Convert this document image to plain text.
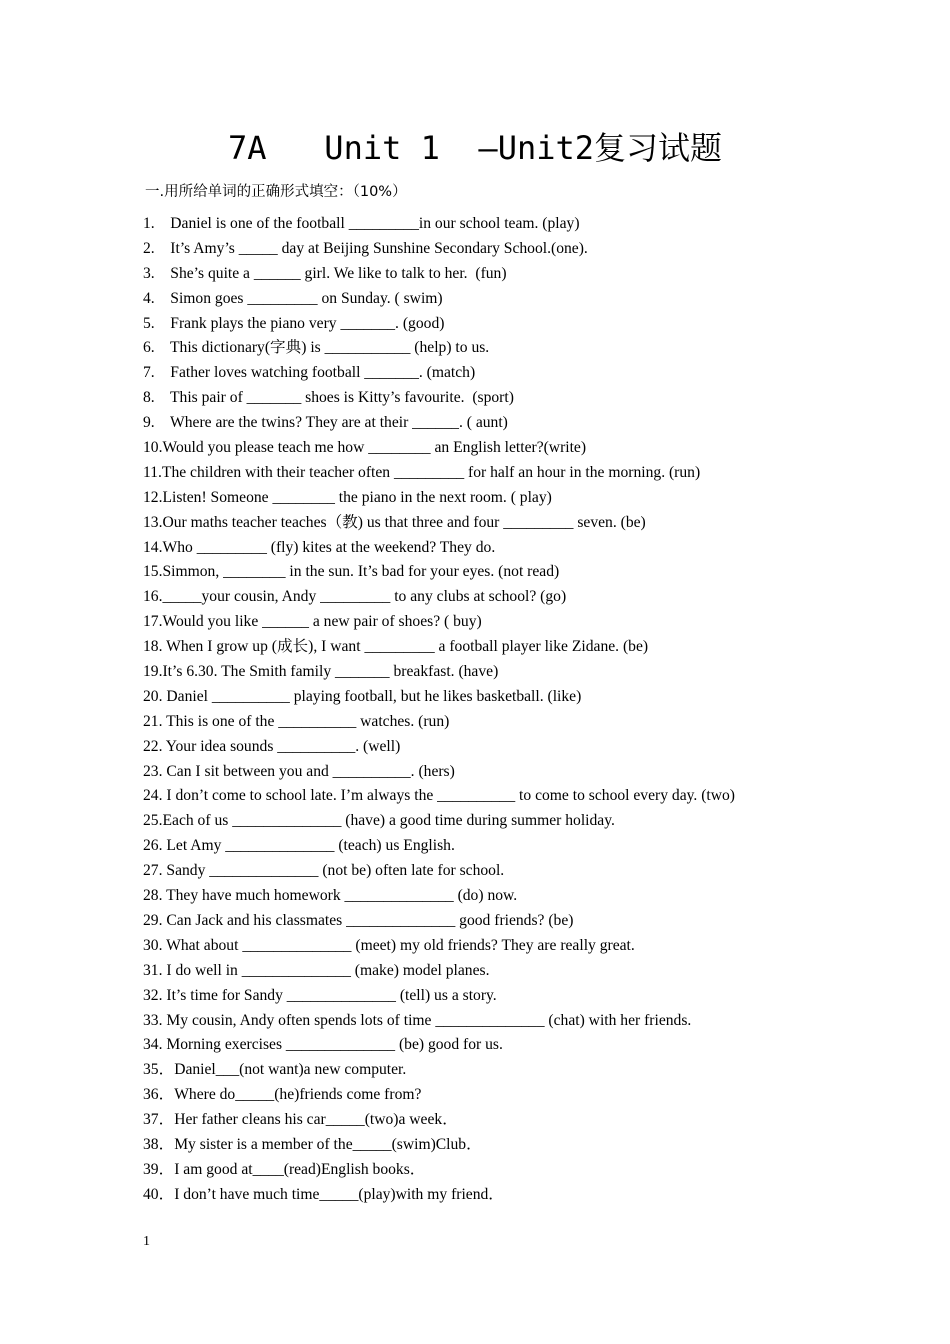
7A   Unit 1  –Unit2复习试题
一.用所给单词的正确形式填空：（10%）
1.    Daniel is one of the football _________in our school team. (play)
2.    It’s Amy’s _____ day at Beijing Sunshine Secondary School.(one).
3.    She’s quite a ______ girl. We like to talk to her.  (fun)
4.    Simon goes _________ on Sunday. ( swim)
5.    Frank plays the piano very _______. (good)
6.    This dictionary(字典) is ___________ (help) to us.
7.    Father loves watching football _______. (match)
8.    This pair of _______ shoes is Kitty’s favourite.  (sport)
9.    Where are the twins? They are at their ______. ( aunt)
10.Would you please teach me how ________ an English letter?(write)
11.The children with their teacher often _________ for half an hour in the morning. (run)
12.Listen! Someone ________ the piano in the next room. ( play)
13.Our maths teacher teaches（教) us that three and four _________ seven. (be)
14.Who _________ (fly) kites at the weekend? They do.
15.Simmon, ________ in the sun. It’s bad for your eyes. (not read)
16._____your cousin, Andy _________ to any clubs at school? (go)
17.Would you like ______ a new pair of shoes? ( buy)
18. When I grow up (成长), I want _________ a football player like Zidane. (be)
19.It’s 6.30. The Smith family _______ breakfast. (have)
20. Daniel __________ playing football, but he likes basketball. (like)
21. This is one of the __________ watches. (run)
22. Your idea sounds __________. (well)
23. Can I sit between you and __________. (hers)
24. I don’t come to school late. I’m always the __________ to come to school every day. (two)
25.Each of us ______________ (have) a good time during summer holiday.
26. Let Amy ______________ (teach) us English.
27. Sandy ______________ (not be) often late for school.
28. They have much homework ______________ (do) now.
29. Can Jack and his classmates ______________ good friends? (be)
30. What about ______________ (meet) my old friends? They are really great.
31. I do well in ______________ (make) model planes.
32. It’s time for Sandy ______________ (tell) us a story.
33. My cousin, Andy often spends lots of time ______________ (chat) with her friends.
34. Morning exercises ______________ (be) good for us.
35．Daniel___(not want)a new computer.
36．Where do_____(he)friends come from?
37．Her father cleans his car_____(two)a week．
38．My sister is a member of the_____(swim)Club．
39．I am good at____(read)English books．
40．I don’t have much time_____(play)with my friend．
1
